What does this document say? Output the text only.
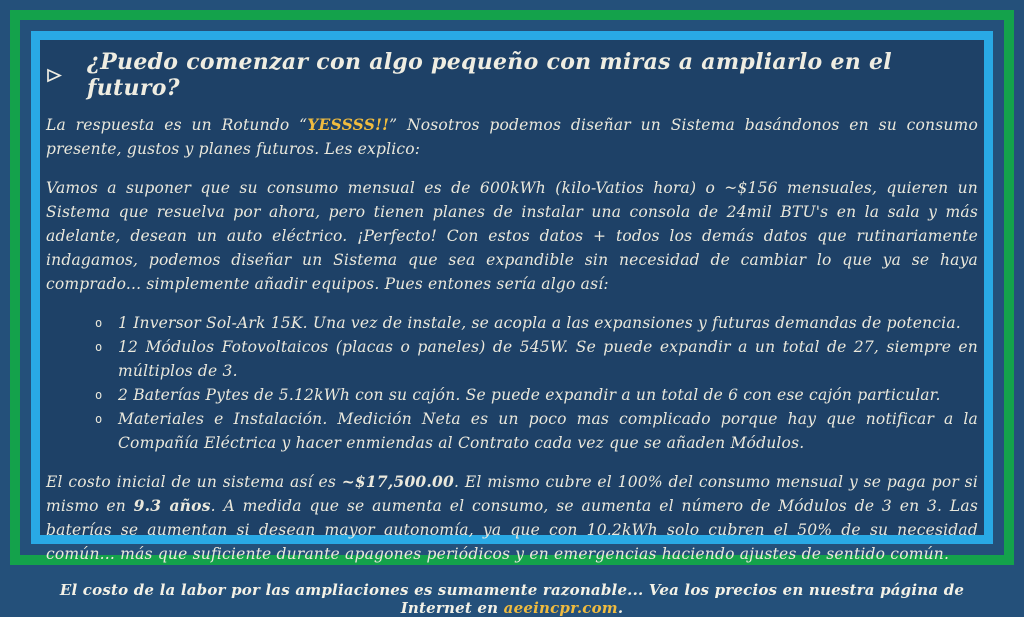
¿Puedo comenzar con algo pequeño con miras a ampliarlo en el futuro?
La respuesta es un Rotundo “YESSSS!!” Nosotros podemos diseñar un Sistema basándonos en su consumo presente, gustos y planes futuros. Les explico:
Vamos a suponer que su consumo mensual es de 600kWh (kilo-Vatios hora) o ~$156 mensuales, quieren un Sistema que resuelva por ahora, pero tienen planes de instalar una consola de 24mil BTU's en la sala y más adelante, desean un auto eléctrico. ¡Perfecto! Con estos datos + todos los demás datos que rutinariamente indagamos, podemos diseñar un Sistema que sea expandible sin necesidad de cambiar lo que ya se haya comprado... simplemente añadir equipos. Pues entones sería algo así:
o	1 Inversor Sol-Ark 15K. Una vez de instale, se acopla a las expansiones y futuras demandas de potencia.
o	12 Módulos Fotovoltaicos (placas o paneles) de 545W. Se puede expandir a un total de 27, siempre en múltiplos de 3.
o	2 Baterías Pytes de 5.12kWh con su cajón. Se puede expandir a un total de 6 con ese cajón particular.
o	Materiales e Instalación. Medición Neta es un poco mas complicado porque hay que notificar a la Compañía Eléctrica y hacer enmiendas al Contrato cada vez que se añaden Módulos.
El costo inicial de un sistema así es ~$17,500.00. El mismo cubre el 100% del consumo mensual y se paga por si mismo en 9.3 años. A medida que se aumenta el consumo, se aumenta el número de Módulos de 3 en 3. Las baterías se aumentan si desean mayor autonomía, ya que con 10.2kWh solo cubren el 50% de su necesidad común... más que suficiente durante apagones periódicos y en emergencias haciendo ajustes de sentido común.
El costo de la labor por las ampliaciones es sumamente razonable... Vea los precios en nuestra página de Internet en aeeincpr.com.
